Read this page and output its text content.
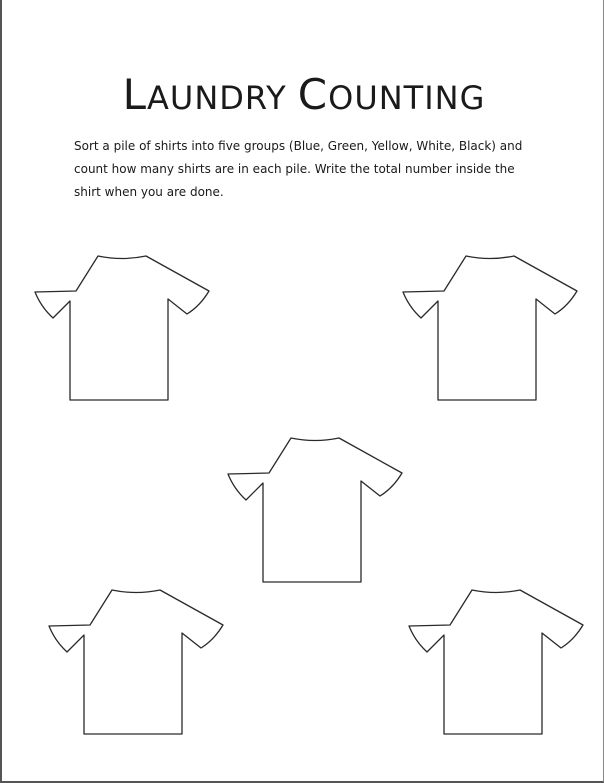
LAUNDRY COUNTING

Sort a pile of shirts into five groups (Blue, Green, Yellow, White, Black) and count how many shirts are in each pile. Write the total number inside the shirt when you are done.
